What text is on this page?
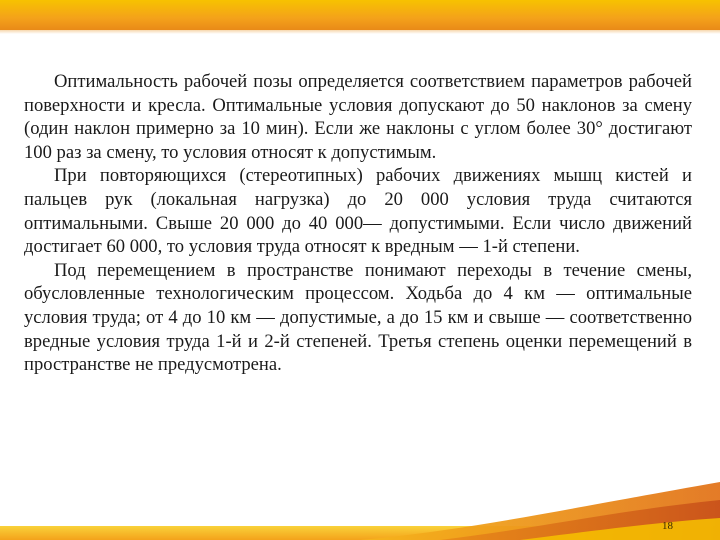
Оптимальность рабочей позы определяется соответствием параметров рабочей поверхности и кресла. Оптимальные условия допускают до 50 наклонов за смену (один наклон примерно за 10 мин). Если же наклоны с углом более 30° достигают 100 раз за смену, то условия относят к допустимым.

При повторяющихся (стереотипных) рабочих движениях мышц кистей и пальцев рук (локальная нагрузка) до 20 000 условия труда считаются оптимальными. Свыше 20 000 до 40 000— допустимыми. Если число движений достигает 60 000, то условия труда относят к вредным — 1-й степени.

Под перемещением в пространстве понимают переходы в течение смены, обусловленные технологическим процессом. Ходьба до 4 км — оптимальные условия труда; от 4 до 10 км — допустимые, а до 15 км и свыше — соответственно вредные условия труда 1-й и 2-й степеней. Третья степень оценки перемещений в пространстве не предусмотрена.

18
